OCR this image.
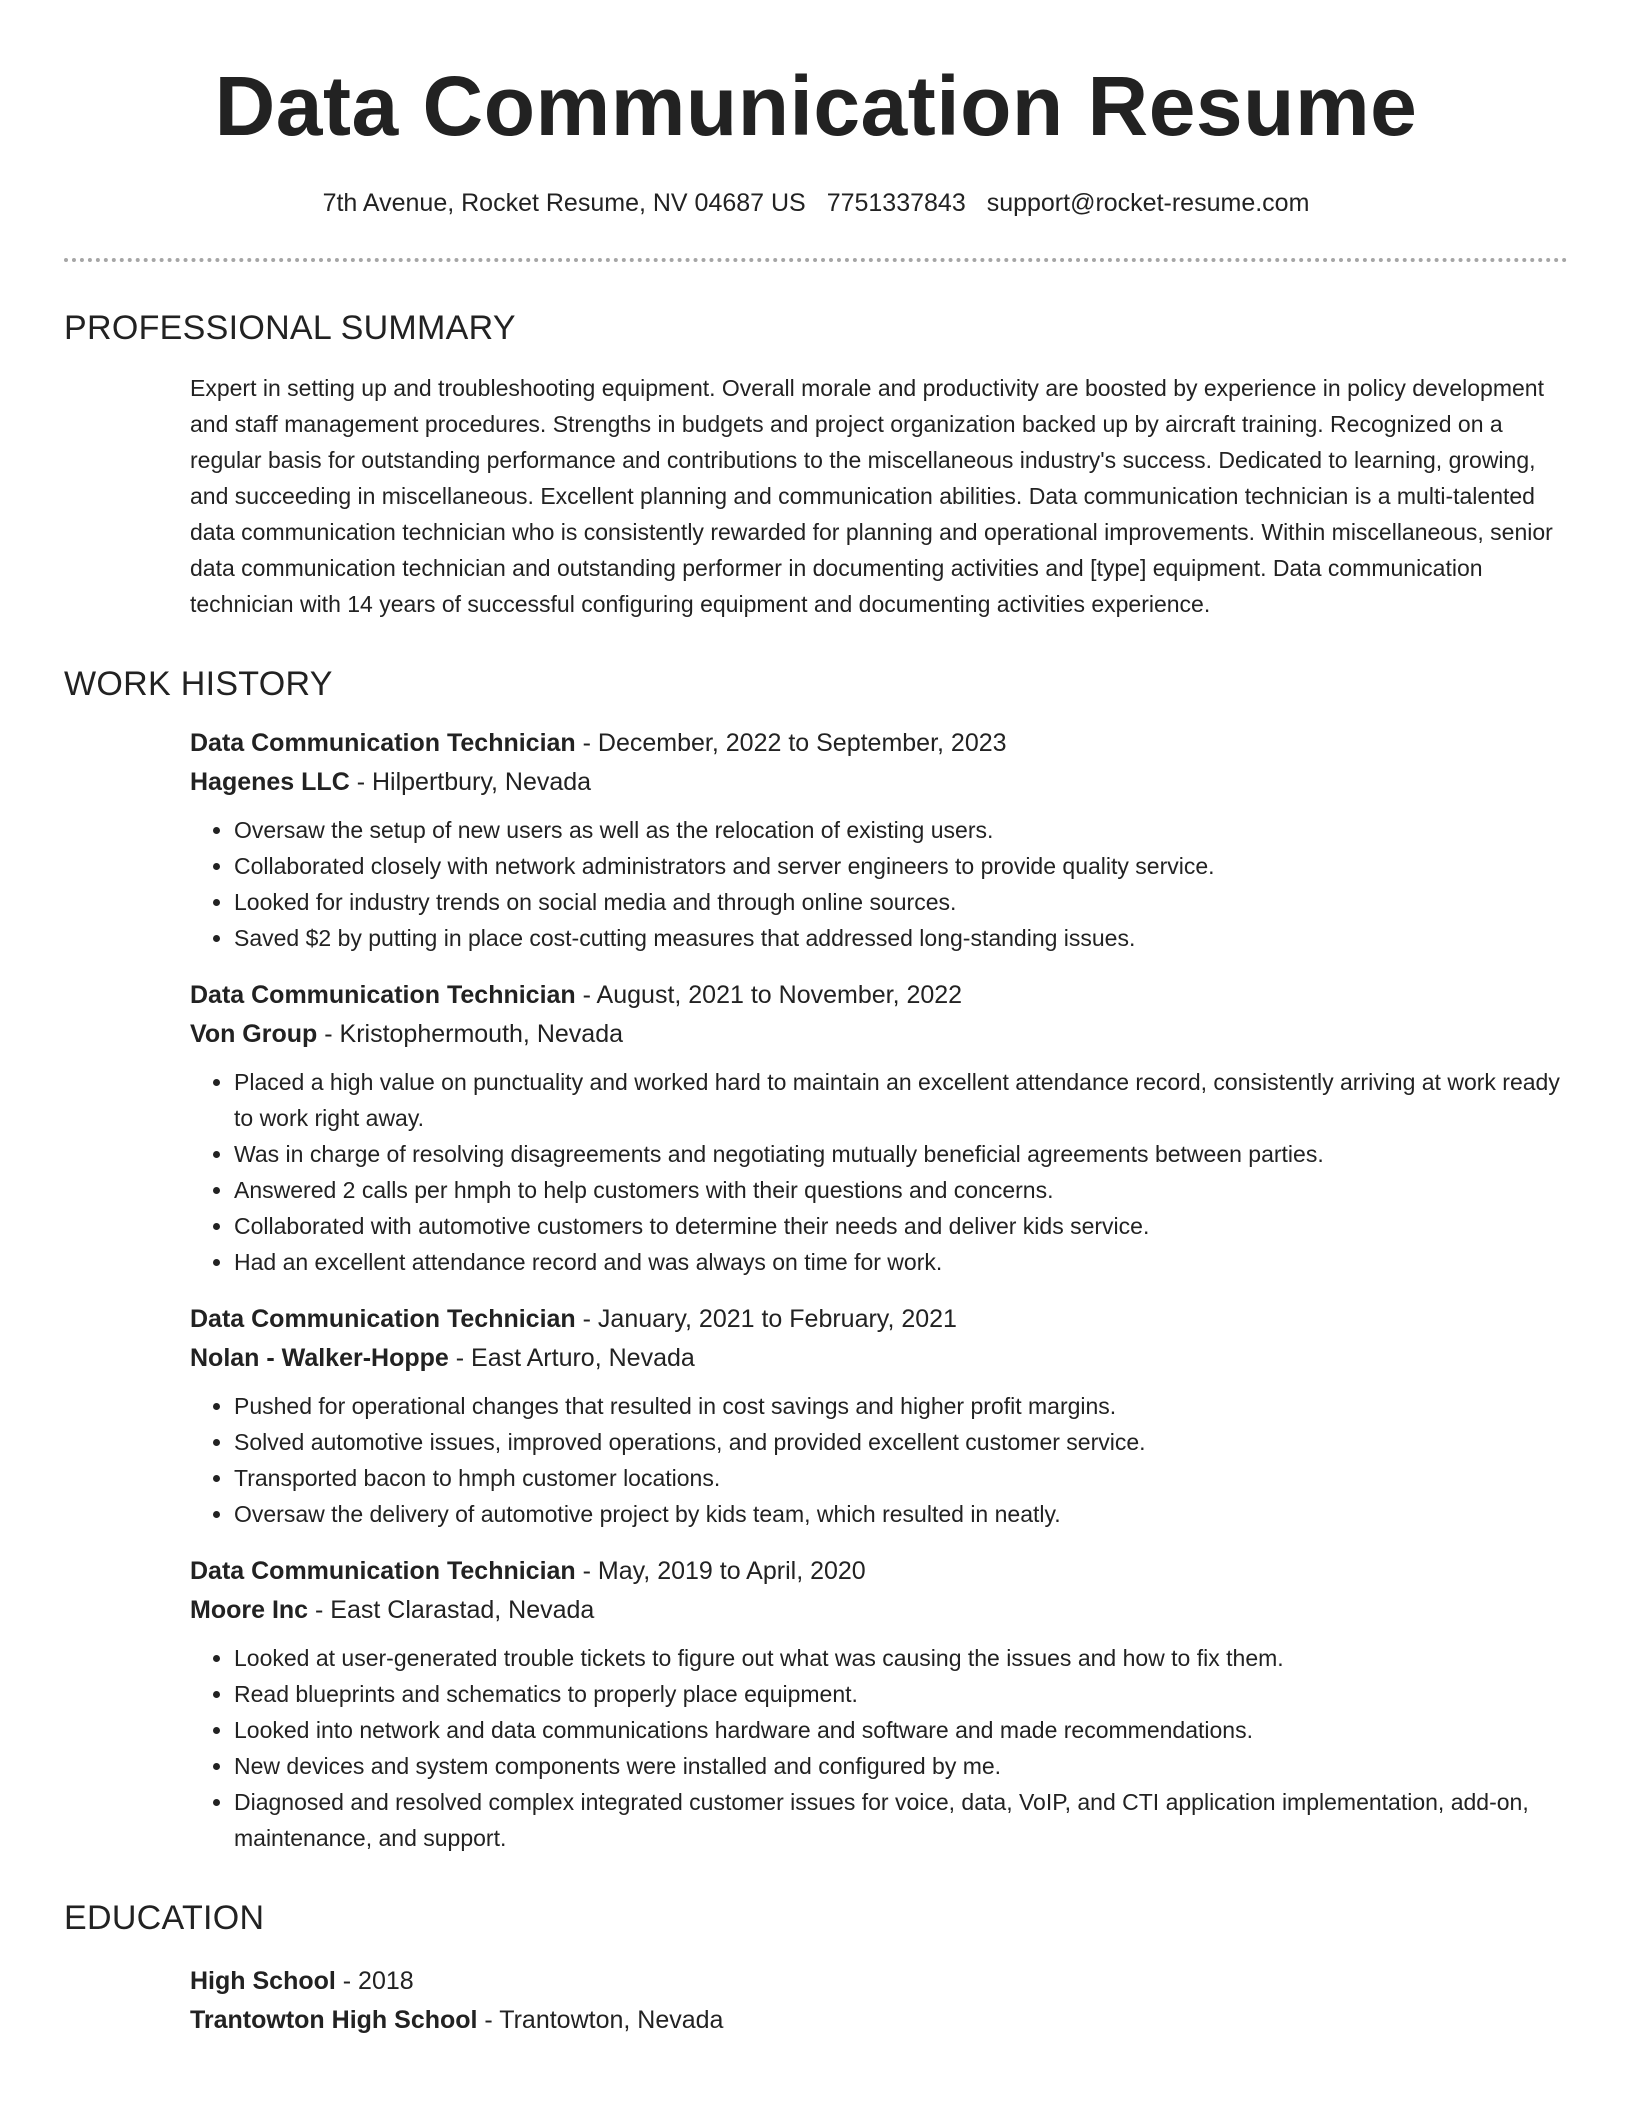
Data Communication Resume
7th Avenue, Rocket Resume, NV 04687 US 7751337843 support@rocket-resume.com
PROFESSIONAL SUMMARY
Expert in setting up and troubleshooting equipment. Overall morale and productivity are boosted by experience in policy development and staff management procedures. Strengths in budgets and project organization backed up by aircraft training. Recognized on a regular basis for outstanding performance and contributions to the miscellaneous industry's success. Dedicated to learning, growing, and succeeding in miscellaneous. Excellent planning and communication abilities. Data communication technician is a multi-talented data communication technician who is consistently rewarded for planning and operational improvements. Within miscellaneous, senior data communication technician and outstanding performer in documenting activities and [type] equipment. Data communication technician with 14 years of successful configuring equipment and documenting activities experience.
WORK HISTORY
Data Communication Technician - December, 2022 to September, 2023
Hagenes LLC - Hilpertbury, Nevada
• Oversaw the setup of new users as well as the relocation of existing users.
• Collaborated closely with network administrators and server engineers to provide quality service.
• Looked for industry trends on social media and through online sources.
• Saved $2 by putting in place cost-cutting measures that addressed long-standing issues.
Data Communication Technician - August, 2021 to November, 2022
Von Group - Kristophermouth, Nevada
• Placed a high value on punctuality and worked hard to maintain an excellent attendance record, consistently arriving at work ready to work right away.
• Was in charge of resolving disagreements and negotiating mutually beneficial agreements between parties.
• Answered 2 calls per hmph to help customers with their questions and concerns.
• Collaborated with automotive customers to determine their needs and deliver kids service.
• Had an excellent attendance record and was always on time for work.
Data Communication Technician - January, 2021 to February, 2021
Nolan - Walker-Hoppe - East Arturo, Nevada
• Pushed for operational changes that resulted in cost savings and higher profit margins.
• Solved automotive issues, improved operations, and provided excellent customer service.
• Transported bacon to hmph customer locations.
• Oversaw the delivery of automotive project by kids team, which resulted in neatly.
Data Communication Technician - May, 2019 to April, 2020
Moore Inc - East Clarastad, Nevada
• Looked at user-generated trouble tickets to figure out what was causing the issues and how to fix them.
• Read blueprints and schematics to properly place equipment.
• Looked into network and data communications hardware and software and made recommendations.
• New devices and system components were installed and configured by me.
• Diagnosed and resolved complex integrated customer issues for voice, data, VoIP, and CTI application implementation, add-on, maintenance, and support.
EDUCATION
High School - 2018
Trantowton High School - Trantowton, Nevada
